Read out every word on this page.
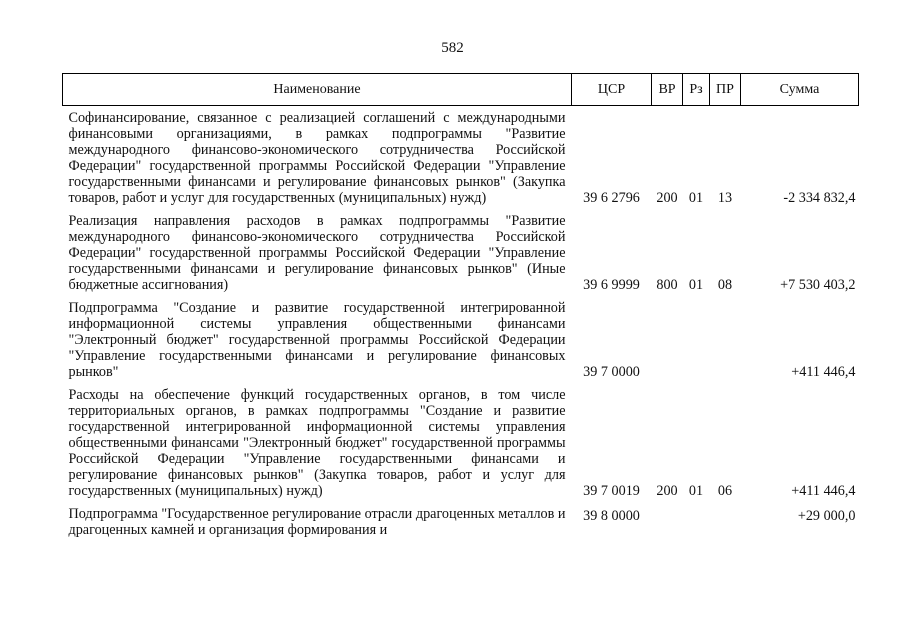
582
Наименование	ЦСР	ВР	Рз	ПР	Сумма
Софинансирование, связанное с реализацией соглашений с международными финансовыми организациями, в рамках подпрограммы "Развитие международного финансово-экономического сотрудничества Российской Федерации" государственной программы Российской Федерации "Управление государственными финансами и регулирование финансовых рынков" (Закупка товаров, работ и услуг для государственных (муниципальных) нужд)	39 6 2796	200	01	13	-2 334 832,4
Реализация направления расходов в рамках подпрограммы "Развитие международного финансово-экономического сотрудничества Российской Федерации" государственной программы Российской Федерации "Управление государственными финансами и регулирование финансовых рынков" (Иные бюджетные ассигнования)	39 6 9999	800	01	08	+7 530 403,2
Подпрограмма "Создание и развитие государственной интегрированной информационной системы управления общественными финансами "Электронный бюджет" государственной программы Российской Федерации "Управление государственными финансами и регулирование финансовых рынков"	39 7 0000				+411 446,4
Расходы на обеспечение функций государственных органов, в том числе территориальных органов, в рамках подпрограммы "Создание и развитие государственной интегрированной информационной системы управления общественными финансами "Электронный бюджет" государственной программы Российской Федерации "Управление государственными финансами и регулирование финансовых рынков" (Закупка товаров, работ и услуг для государственных (муниципальных) нужд)	39 7 0019	200	01	06	+411 446,4
Подпрограмма "Государственное регулирование отрасли драгоценных металлов и драгоценных камней и организация формирования и	39 8 0000				+29 000,0
